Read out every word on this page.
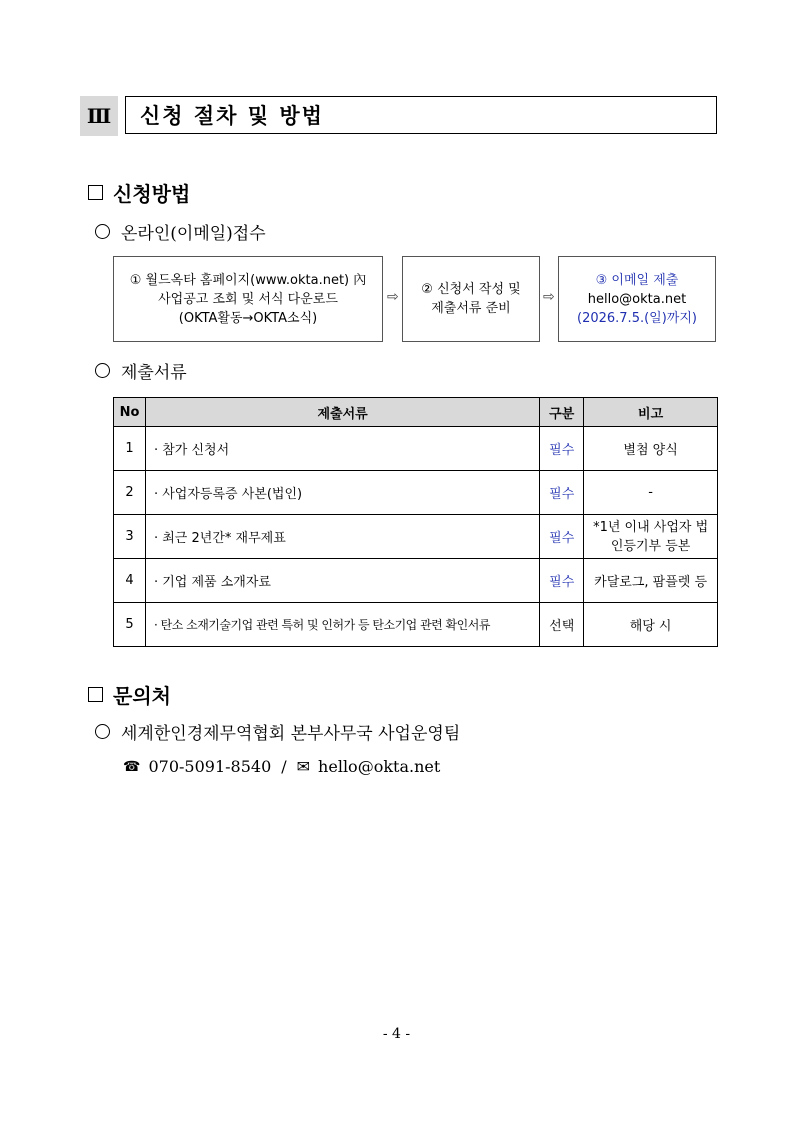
Ⅲ	신청 절차 및 방법
신청방법
온라인(이메일)접수
① 월드옥타 홈페이지(www.okta.net) 內
사업공고 조회 및 서식 다운로드
(OKTA활동→OKTA소식)
⇨ ② 신청서 작성 및
제출서류 준비
⇨
③ 이메일 제출
hello@okta.net
(2026.7.5.(일)까지)
제출서류
No	제출서류	구분	비고
1	· 참가 신청서	필수	별첨 양식
2	· 사업자등록증 사본(법인)	필수	-
3	· 최근 2년간* 재무제표	필수	*1년 이내 사업자 법인등기부 등본
4	· 기업 제품 소개자료	필수	카달로그, 팜플렛 등
5	· 탄소 소재기술기업 관련 특허 및 인허가 등 탄소기업 관련 확인서류	선택	해당 시
문의처
세계한인경제무역협회 본부사무국 사업운영팀
☎ 070-5091-8540 / ✉ hello@okta.net
- 4 -
